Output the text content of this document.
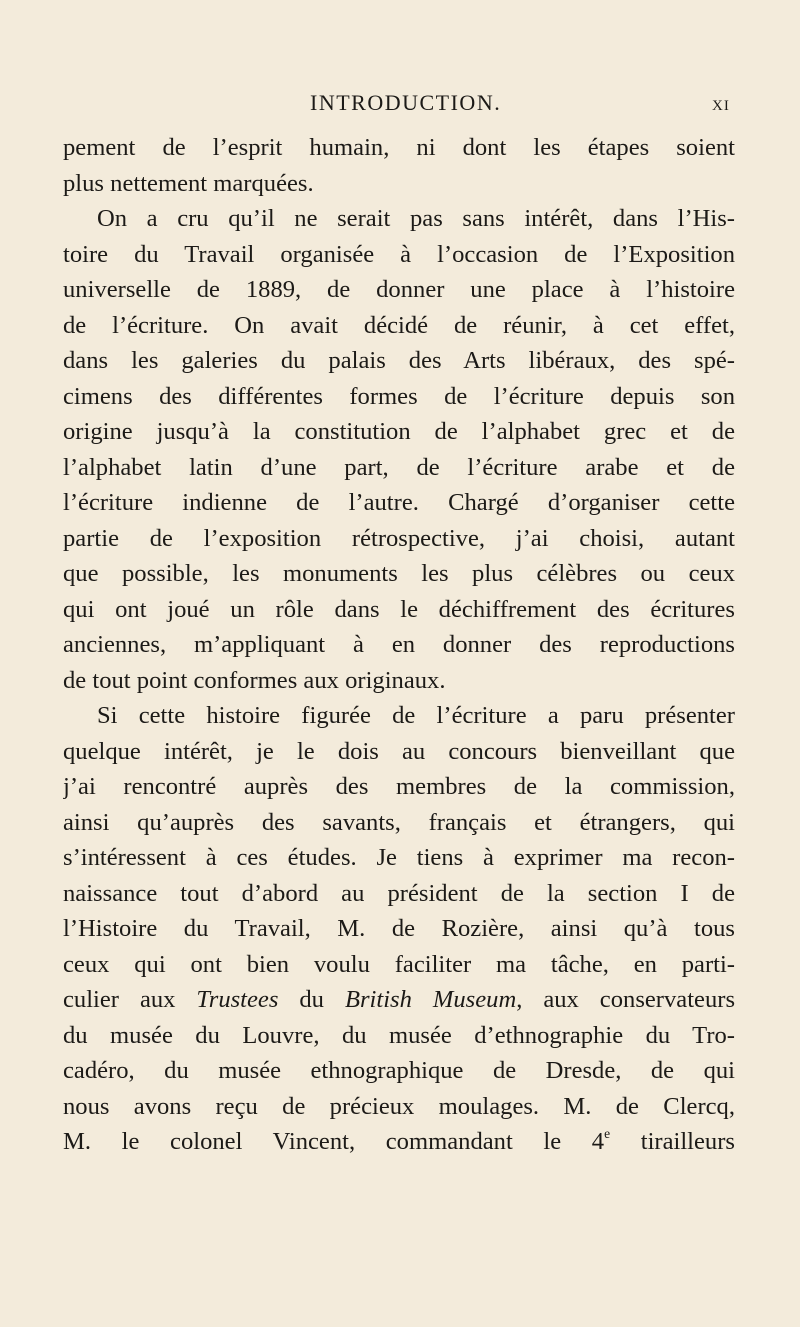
INTRODUCTION.	XI
pement de l’esprit humain, ni dont les étapes soient
plus nettement marquées.
On a cru qu’il ne serait pas sans intérêt, dans l’His-
toire du Travail organisée à l’occasion de l’Exposition
universelle de 1889, de donner une place à l’histoire
de l’écriture. On avait décidé de réunir, à cet effet,
dans les galeries du palais des Arts libéraux, des spé-
cimens des différentes formes de l’écriture depuis son
origine jusqu’à la constitution de l’alphabet grec et de
l’alphabet latin d’une part, de l’écriture arabe et de
l’écriture indienne de l’autre. Chargé d’organiser cette
partie de l’exposition rétrospective, j’ai choisi, autant
que possible, les monuments les plus célèbres ou ceux
qui ont joué un rôle dans le déchiffrement des écritures
anciennes, m’appliquant à en donner des reproductions
de tout point conformes aux originaux.
Si cette histoire figurée de l’écriture a paru présenter
quelque intérêt, je le dois au concours bienveillant que
j’ai rencontré auprès des membres de la commission,
ainsi qu’auprès des savants, français et étrangers, qui
s’intéressent à ces études. Je tiens à exprimer ma recon-
naissance tout d’abord au président de la section I de
l’Histoire du Travail, M. de Rozière, ainsi qu’à tous
ceux qui ont bien voulu faciliter ma tâche, en parti-
culier aux Trustees du British Museum, aux conservateurs
du musée du Louvre, du musée d’ethnographie du Tro-
cadéro, du musée ethnographique de Dresde, de qui
nous avons reçu de précieux moulages. M. de Clercq,
M. le colonel Vincent, commandant le 4e tirailleurs
